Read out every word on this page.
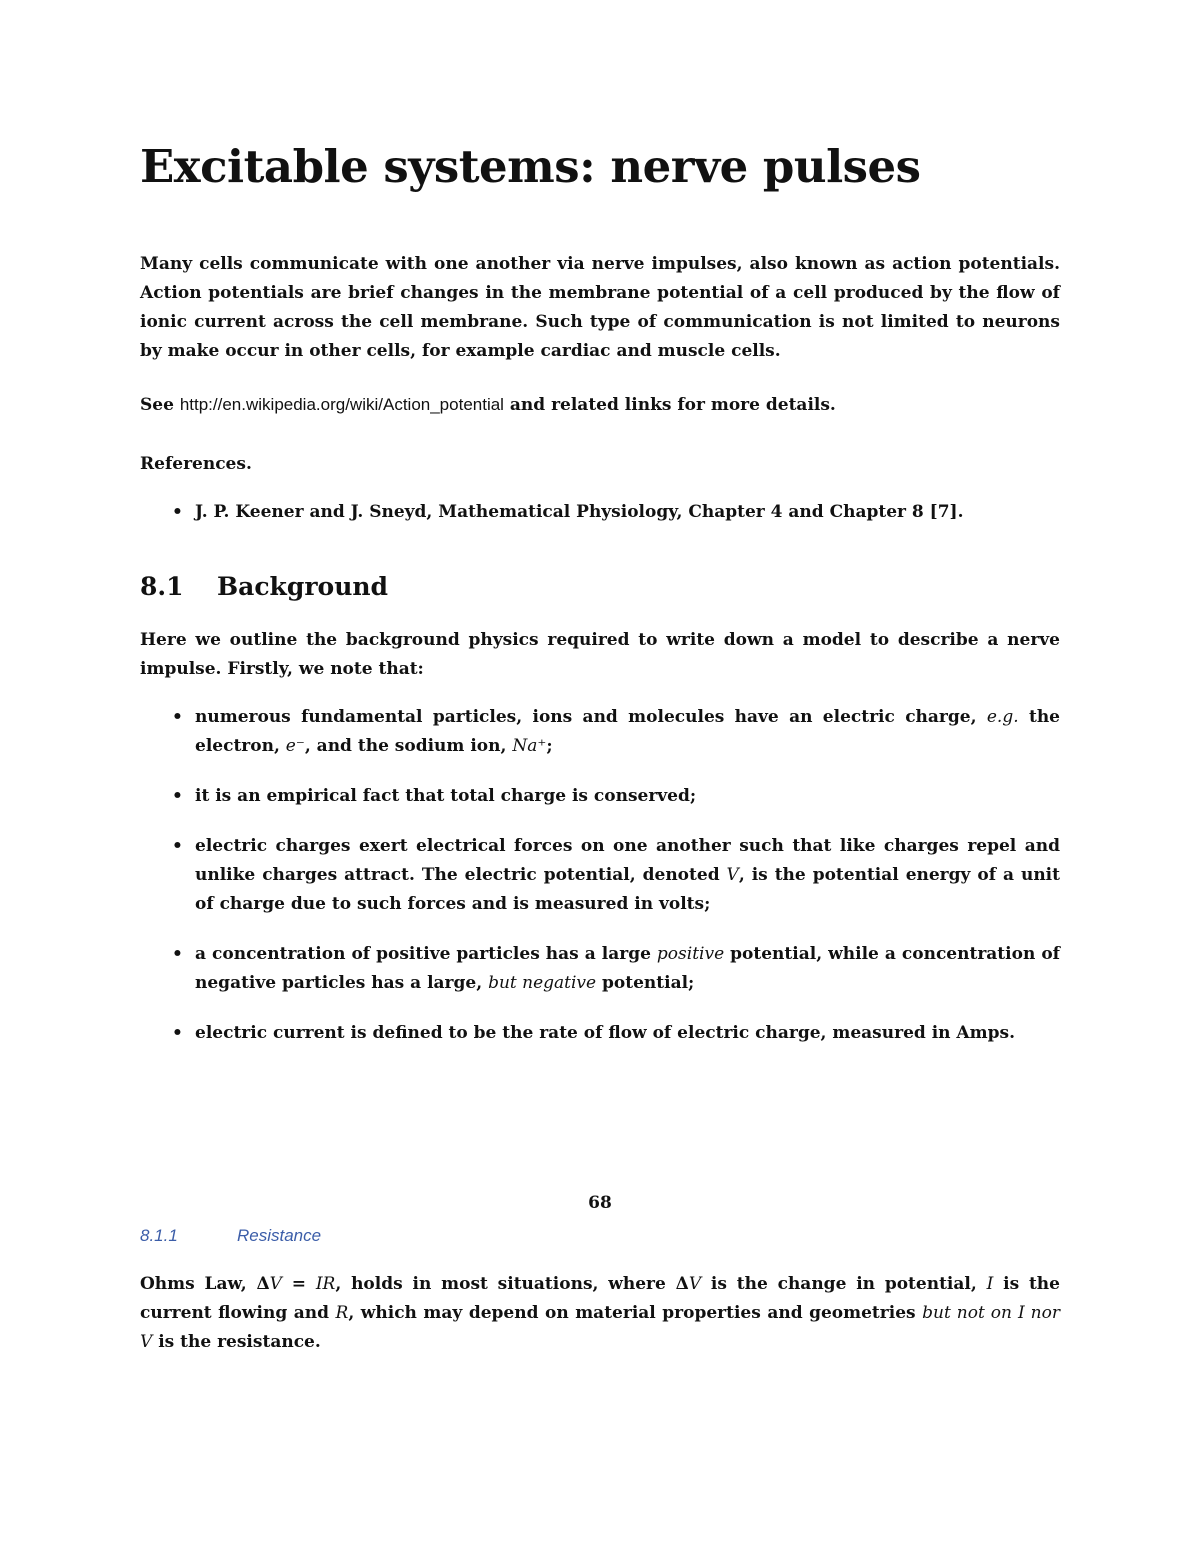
Excitable systems: nerve pulses

Many cells communicate with one another via nerve impulses, also known as action potentials. Action potentials are brief changes in the membrane potential of a cell produced by the flow of ionic current across the cell membrane. Such type of communication is not limited to neurons by make occur in other cells, for example cardiac and muscle cells.

See http://en.wikipedia.org/wiki/Action_potential and related links for more details.

References.

• J. P. Keener and J. Sneyd, Mathematical Physiology, Chapter 4 and Chapter 8 [7].
8.1 Background

Here we outline the background physics required to write down a model to describe a nerve impulse. Firstly, we note that:

• numerous fundamental particles, ions and molecules have an electric charge, e.g. the electron, e⁻, and the sodium ion, Na⁺;
• it is an empirical fact that total charge is conserved;
• electric charges exert electrical forces on one another such that like charges repel and unlike charges attract. The electric potential, denoted V, is the potential energy of a unit of charge due to such forces and is measured in volts;
• a concentration of positive particles has a large positive potential, while a concentration of negative particles has a large, but negative potential;
• electric current is defined to be the rate of flow of electric charge, measured in Amps.
68
8.1.1	Resistance

Ohms Law, ΔV = IR, holds in most situations, where ΔV is the change in potential, I is the current flowing and R, which may depend on material properties and geometries but not on I nor V is the resistance.
